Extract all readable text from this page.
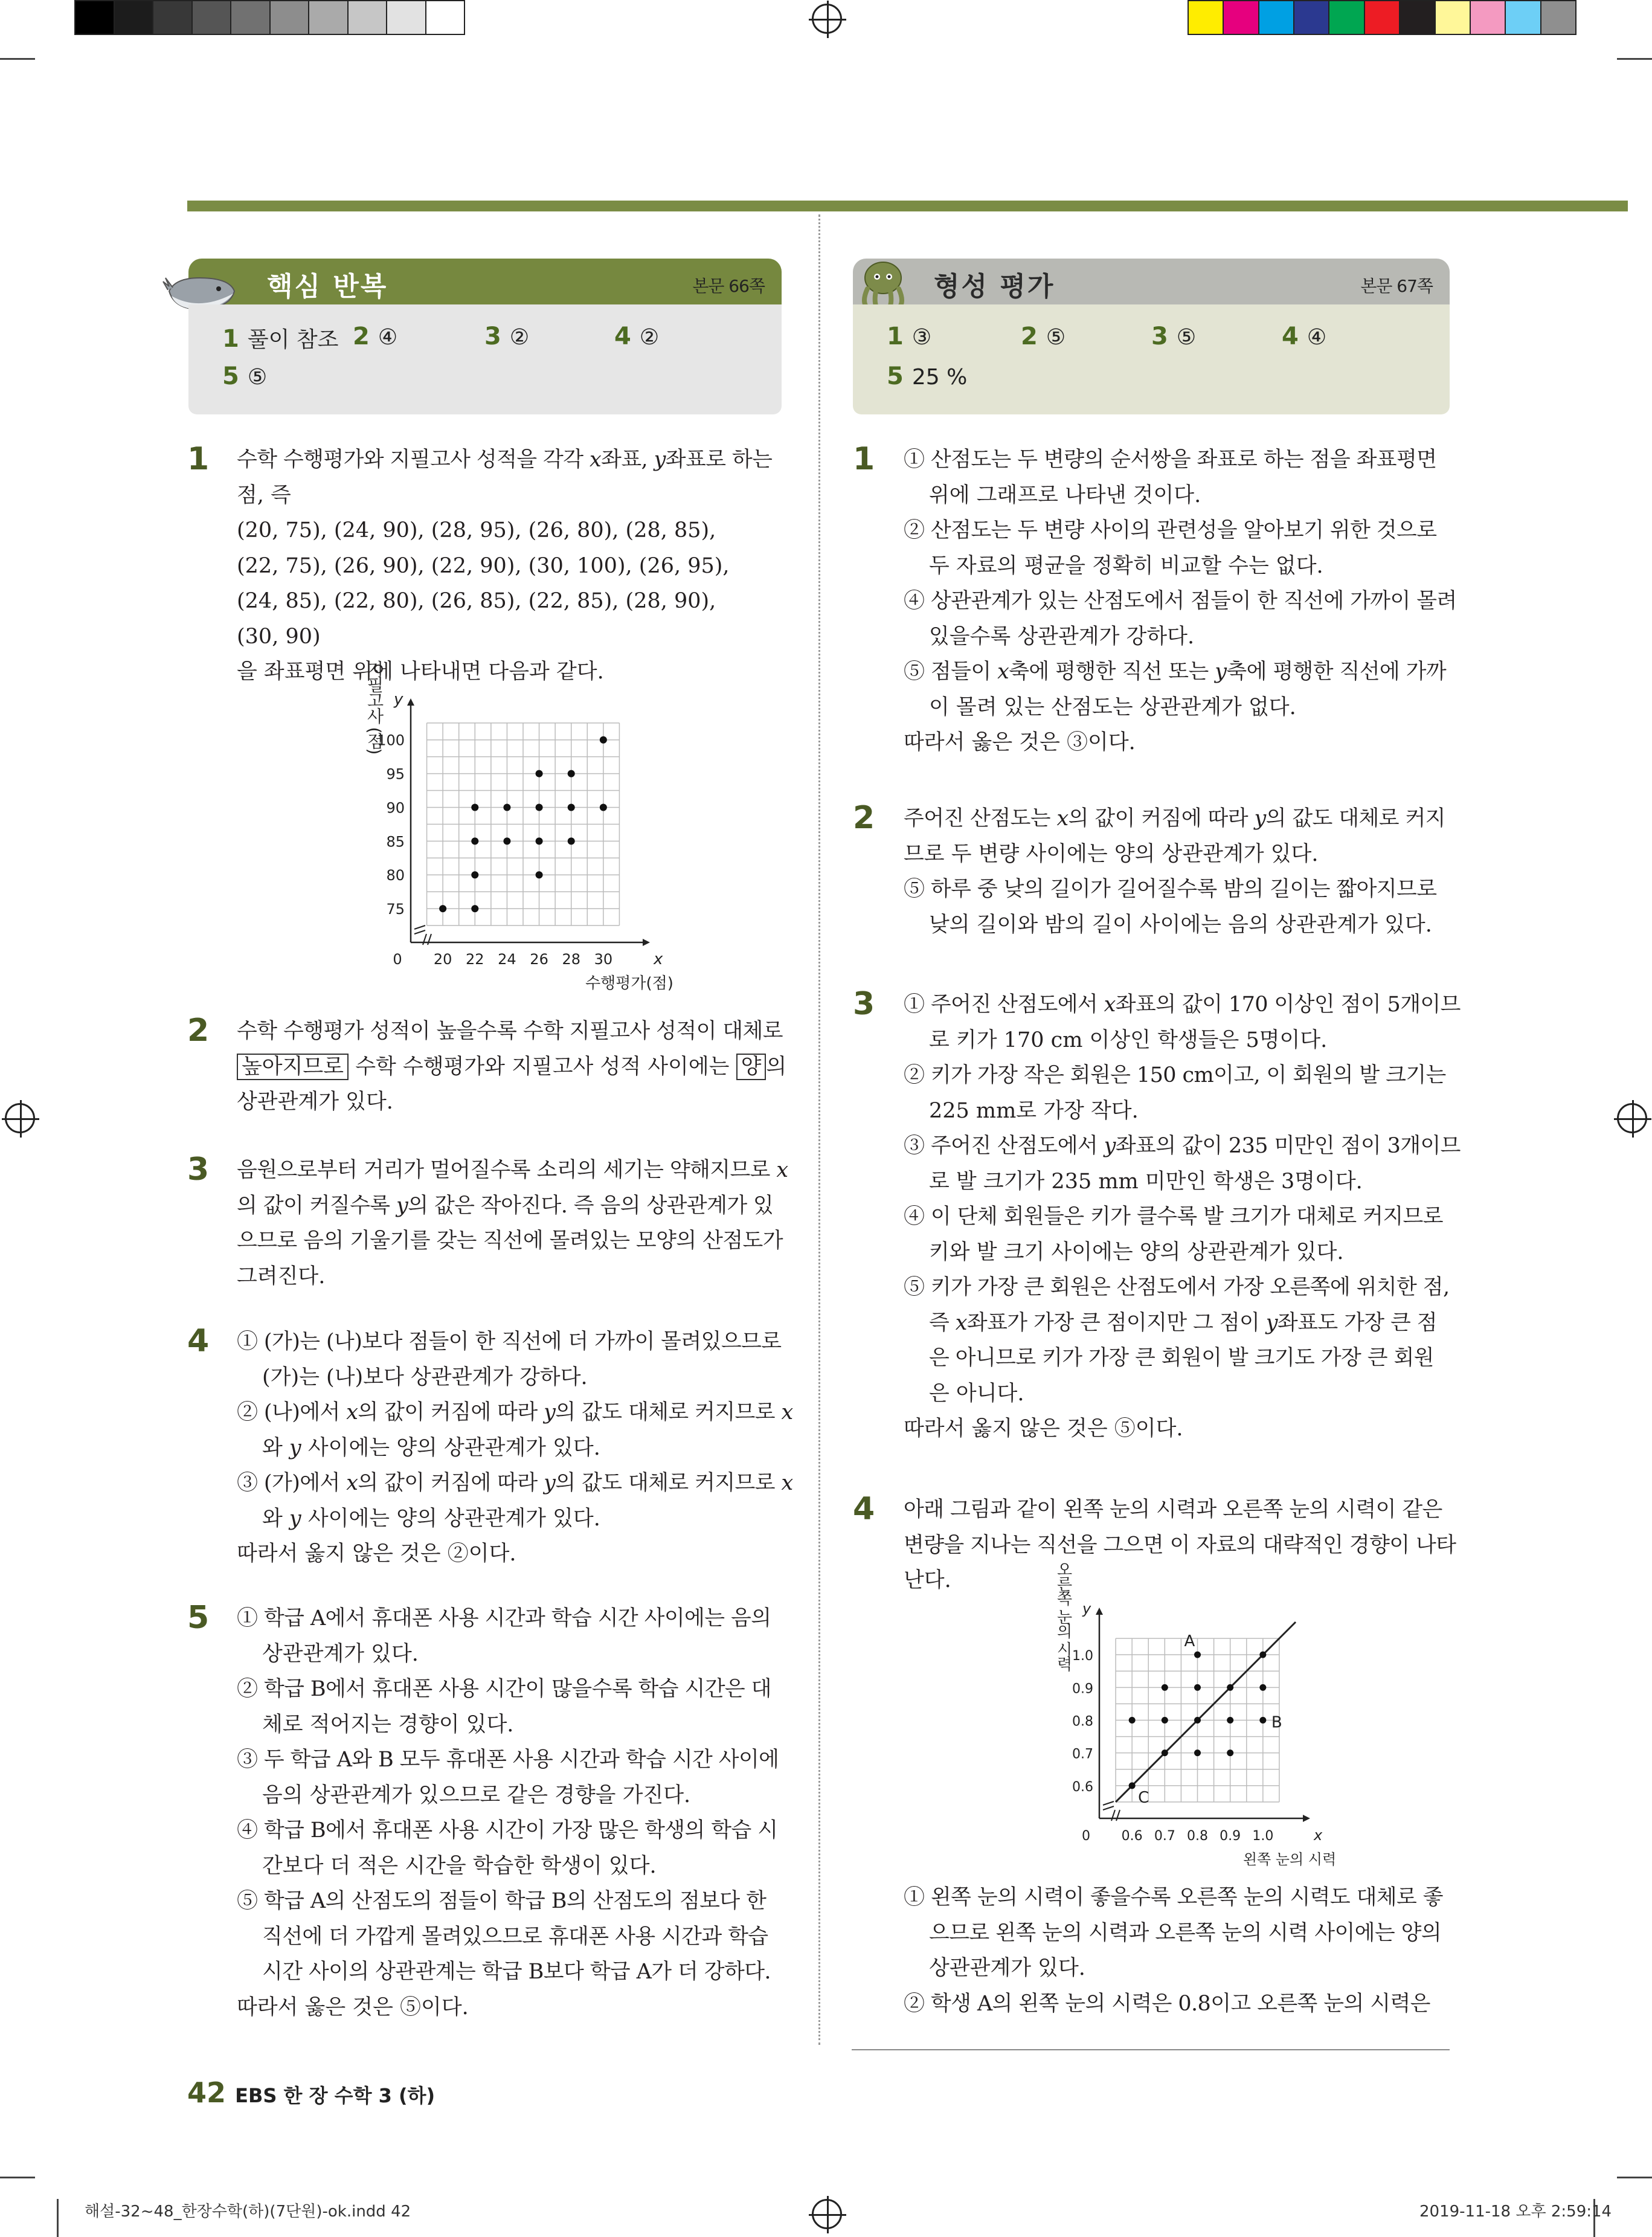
핵심 반복	본문 66쪽
1 풀이 참조 2 ④	3 ②	4 ②
5 ⑤
형성 평가	본문 67쪽
1 ③	2 ⑤	3 ⑤	4 ④
5 25 %
1 수학 수행평가와 지필고사 성적을 각각 𝑥좌표, 𝑦좌표로 하는
점, 즉
(20, 75), (24, 90), (28, 95), (26, 80), (28, 85),
(22, 75), (26, 90), (22, 90), (30, 100), (26, 95),
(24, 85), (22, 80), (26, 85), (22, 85), (28, 90),
(30, 90)
을 좌표평면 위에 나타내면 다음과 같다.
20 22 24 26 28 30
75
80
85
90
95
100
0	x
y
수행평가(점)
지필고사 (점)
2 수학 수행평가 성적이 높을수록 수학 지필고사 성적이 대체로
높아지므로 수학 수행평가와 지필고사 성적 사이에는 양 의
상관관계가 있다.
3 음원으로부터 거리가 멀어질수록 소리의 세기는 약해지므로 𝑥
의 값이 커질수록 𝑦의 값은 작아진다. 즉 음의 상관관계가 있
으므로 음의 기울기를 갖는 직선에 몰려있는 모양의 산점도가
그려진다.
4 ① (가)는 (나)보다 점들이 한 직선에 더 가까이 몰려있으므로
(가)는 (나)보다 상관관계가 강하다.
② (나)에서 𝑥의 값이 커짐에 따라 𝑦의 값도 대체로 커지므로 𝑥
와 𝑦 사이에는 양의 상관관계가 있다.
③ (가)에서 𝑥의 값이 커짐에 따라 𝑦의 값도 대체로 커지므로 𝑥
와 𝑦 사이에는 양의 상관관계가 있다.
따라서 옳지 않은 것은 ②이다.
5 ① 학급 A에서 휴대폰 사용 시간과 학습 시간 사이에는 음의
상관관계가 있다.
② 학급 B에서 휴대폰 사용 시간이 많을수록 학습 시간은 대
체로 적어지는 경향이 있다.
③ 두 학급 A와 B 모두 휴대폰 사용 시간과 학습 시간 사이에
음의 상관관계가 있으므로 같은 경향을 가진다.
④ 학급 B에서 휴대폰 사용 시간이 가장 많은 학생의 학습 시
간보다 더 적은 시간을 학습한 학생이 있다.
⑤ 학급 A의 산점도의 점들이 학급 B의 산점도의 점보다 한
직선에 더 가깝게 몰려있으므로 휴대폰 사용 시간과 학습
시간 사이의 상관관계는 학급 B보다 학급 A가 더 강하다.
따라서 옳은 것은 ⑤이다.
1 ① 산점도는 두 변량의 순서쌍을 좌표로 하는 점을 좌표평면
위에 그래프로 나타낸 것이다.
② 산점도는 두 변량 사이의 관련성을 알아보기 위한 것으로
두 자료의 평균을 정확히 비교할 수는 없다.
④ 상관관계가 있는 산점도에서 점들이 한 직선에 가까이 몰려
있을수록 상관관계가 강하다.
⑤ 점들이 𝑥축에 평행한 직선 또는 𝑦축에 평행한 직선에 가까
이 몰려 있는 산점도는 상관관계가 없다.
따라서 옳은 것은 ③이다.
2 주어진 산점도는 𝑥의 값이 커짐에 따라 𝑦의 값도 대체로 커지
므로 두 변량 사이에는 양의 상관관계가 있다.
⑤ 하루 중 낮의 길이가 길어질수록 밤의 길이는 짧아지므로
낮의 길이와 밤의 길이 사이에는 음의 상관관계가 있다.
3 ① 주어진 산점도에서 𝑥좌표의 값이 170 이상인 점이 5개이므
로 키가 170 cm 이상인 학생들은 5명이다.
② 키가 가장 작은 회원은 150 cm이고, 이 회원의 발 크기는
225 mm로 가장 작다.
③ 주어진 산점도에서 𝑦좌표의 값이 235 미만인 점이 3개이므
로 발 크기가 235 mm 미만인 학생은 3명이다.
④ 이 단체 회원들은 키가 클수록 발 크기가 대체로 커지므로
키와 발 크기 사이에는 양의 상관관계가 있다.
⑤ 키가 가장 큰 회원은 산점도에서 가장 오른쪽에 위치한 점,
즉 𝑥좌표가 가장 큰 점이지만 그 점이 𝑦좌표도 가장 큰 점
은 아니므로 키가 가장 큰 회원이 발 크기도 가장 큰 회원
은 아니다.
따라서 옳지 않은 것은 ⑤이다.
4 아래 그림과 같이 왼쪽 눈의 시력과 오른쪽 눈의 시력이 같은
변량을 지나는 직선을 그으면 이 자료의 대략적인 경향이 나타
난다.
0.6 0.7 0.8 0.9 1.0
0.6
0.7
0.8
0.9
1.0
0	x
y
왼쪽 눈의 시력
오른쪽 눈의 시력	A
B
C
① 왼쪽 눈의 시력이 좋을수록 오른쪽 눈의 시력도 대체로 좋
으므로 왼쪽 눈의 시력과 오른쪽 눈의 시력 사이에는 양의
상관관계가 있다.
② 학생 A의 왼쪽 눈의 시력은 0.8이고 오른쪽 눈의 시력은
42 EBS 한 장 수학 3 (하)
해설-32~48_한장수학(하)(7단원)-ok.indd 42	2019-11-18 오후 2:59:14
